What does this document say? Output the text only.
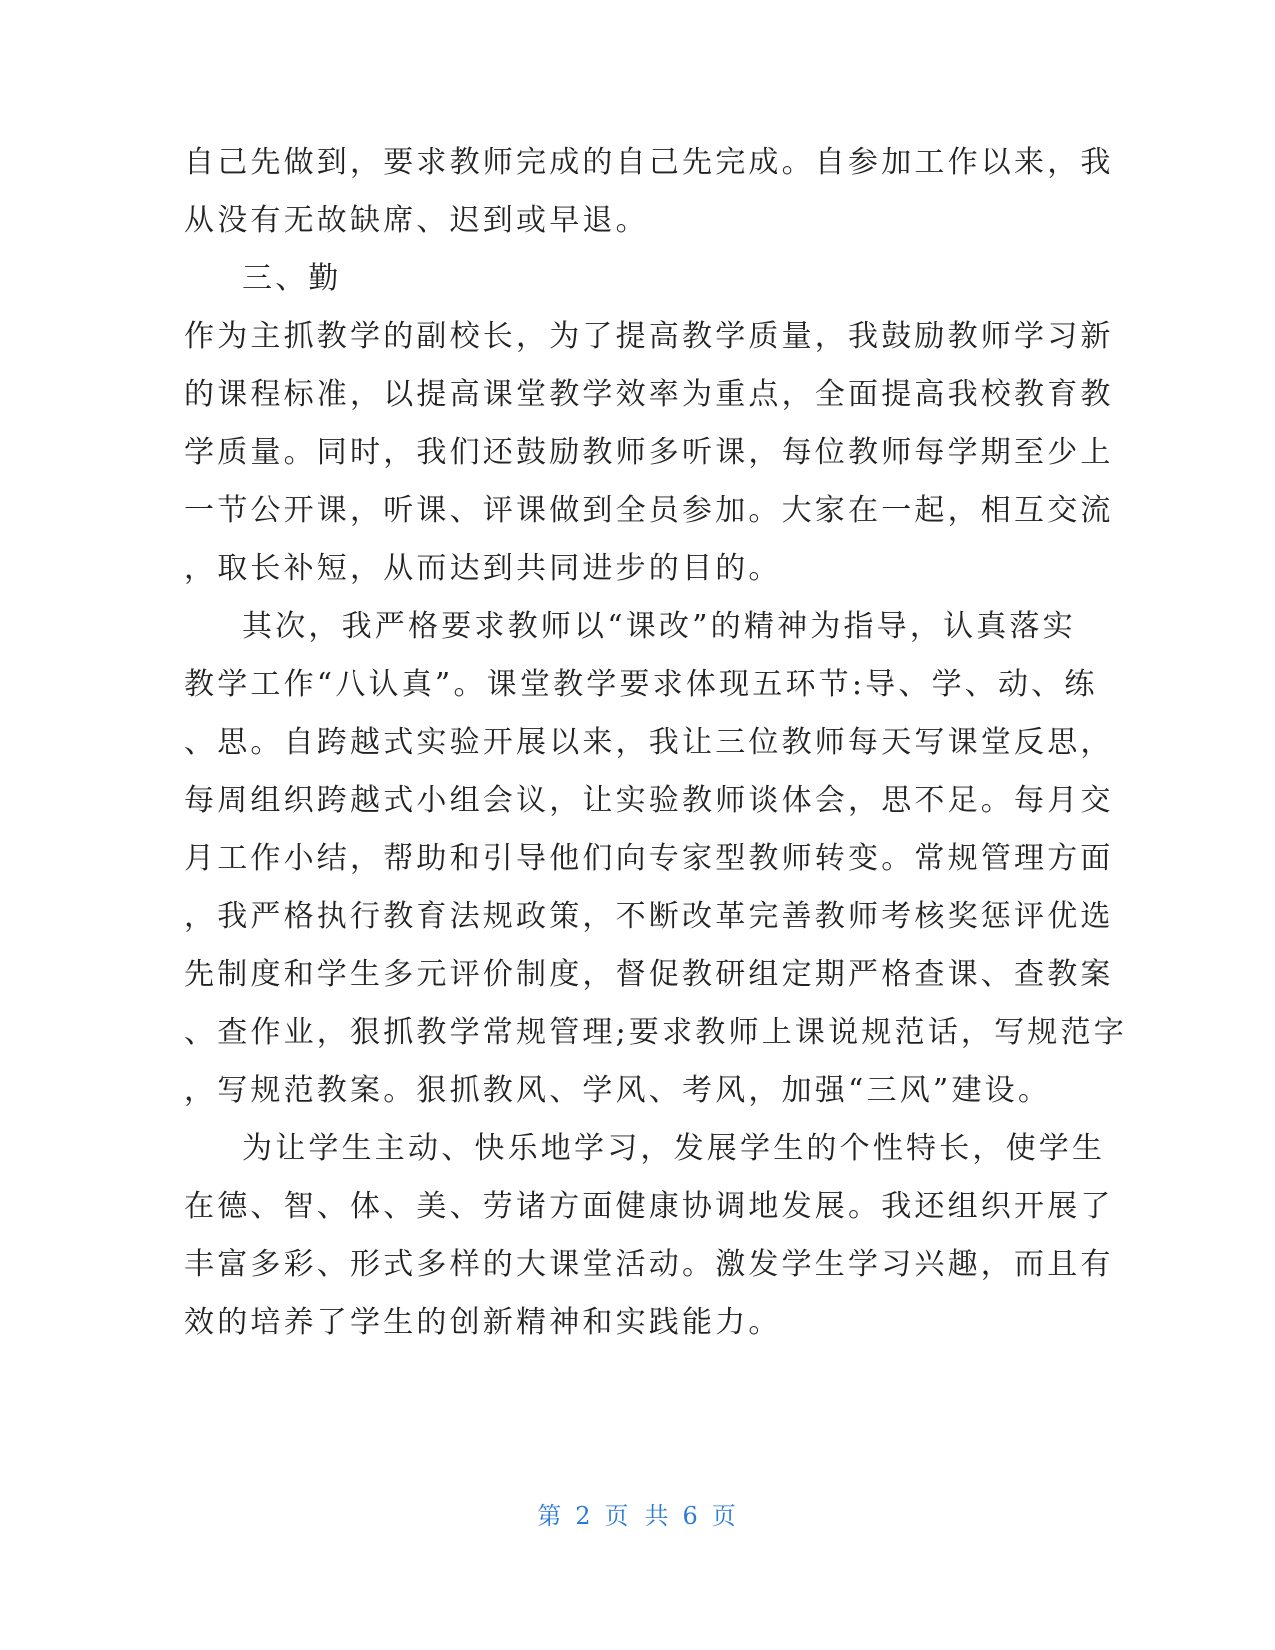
自己先做到，要求教师完成的自己先完成。自参加工作以来，我
从没有无故缺席、迟到或早退。
三、勤
作为主抓教学的副校长，为了提高教学质量，我鼓励教师学习新
的课程标准，以提高课堂教学效率为重点，全面提高我校教育教
学质量。同时，我们还鼓励教师多听课，每位教师每学期至少上
一节公开课，听课、评课做到全员参加。大家在一起，相互交流
，取长补短，从而达到共同进步的目的。
其次，我严格要求教师以“课改”的精神为指导，认真落实
教学工作“八认真”。课堂教学要求体现五环节:导、学、动、练
、思。自跨越式实验开展以来，我让三位教师每天写课堂反思，
每周组织跨越式小组会议，让实验教师谈体会，思不足。每月交
月工作小结，帮助和引导他们向专家型教师转变。常规管理方面
，我严格执行教育法规政策，不断改革完善教师考核奖惩评优选
先制度和学生多元评价制度，督促教研组定期严格查课、查教案
、查作业，狠抓教学常规管理;要求教师上课说规范话，写规范字
，写规范教案。狠抓教风、学风、考风，加强“三风”建设。
为让学生主动、快乐地学习，发展学生的个性特长，使学生
在德、智、体、美、劳诸方面健康协调地发展。我还组织开展了
丰富多彩、形式多样的大课堂活动。激发学生学习兴趣，而且有
效的培养了学生的创新精神和实践能力。
第 2 页 共 6 页
